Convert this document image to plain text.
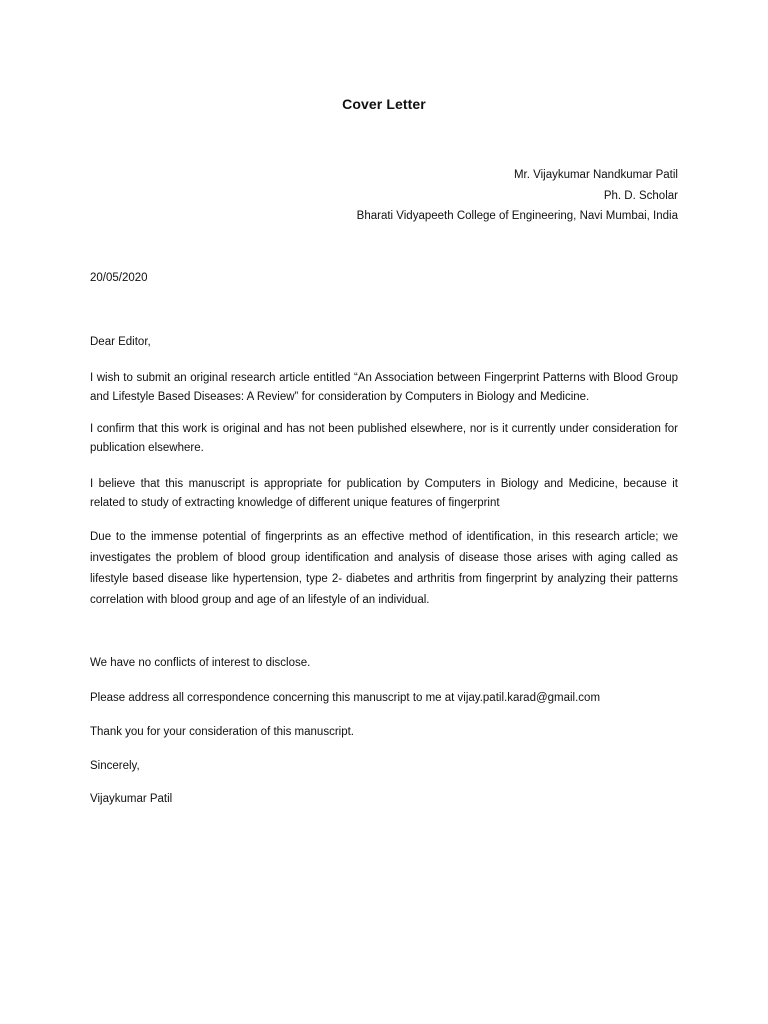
Cover Letter
Mr. Vijaykumar Nandkumar Patil
Ph. D. Scholar
Bharati Vidyapeeth College of Engineering, Navi Mumbai, India
20/05/2020
Dear Editor,
I wish to submit an original research article entitled “An Association between Fingerprint Patterns with Blood Group and Lifestyle Based Diseases: A Review” for consideration by Computers in Biology and Medicine.
I confirm that this work is original and has not been published elsewhere, nor is it currently under consideration for publication elsewhere.
I believe that this manuscript is appropriate for publication by Computers in Biology and Medicine, because it related to study of extracting knowledge of different unique features of fingerprint
Due to the immense potential of fingerprints as an effective method of identification, in this research article; we investigates the problem of blood group identification and analysis of disease those arises with aging called as lifestyle based disease like hypertension, type 2- diabetes and arthritis from fingerprint by analyzing their patterns correlation with blood group and age of an lifestyle of an individual.
We have no conflicts of interest to disclose.
Please address all correspondence concerning this manuscript to me at vijay.patil.karad@gmail.com
Thank you for your consideration of this manuscript.
Sincerely,
Vijaykumar Patil
